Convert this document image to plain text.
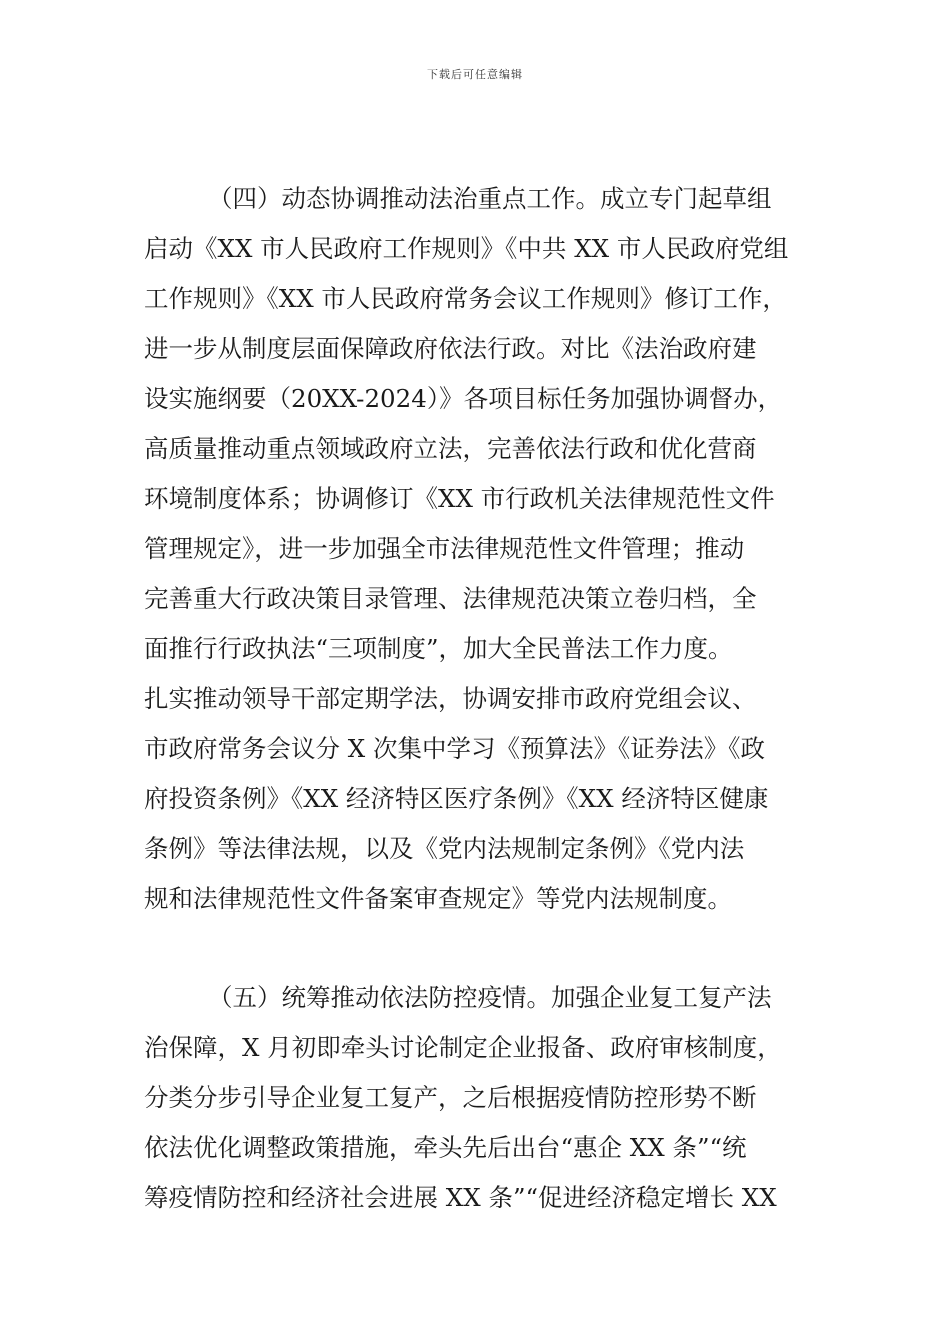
下载后可任意编辑
（四）动态协调推动法治重点工作。成立专门起草组
启动《XX 市人民政府工作规则》《中共 XX 市人民政府党组
工作规则》《XX 市人民政府常务会议工作规则》修订工作，
进一步从制度层面保障政府依法行政。对比《法治政府建
设实施纲要（20XX-2024）》各项目标任务加强协调督办，
高质量推动重点领域政府立法，完善依法行政和优化营商
环境制度体系；协调修订《XX 市行政机关法律规范性文件
管理规定》，进一步加强全市法律规范性文件管理；推动
完善重大行政决策目录管理、法律规范决策立卷归档，全
面推行行政执法“三项制度”，加大全民普法工作力度。
扎实推动领导干部定期学法，协调安排市政府党组会议、
市政府常务会议分 X 次集中学习《预算法》《证券法》《政
府投资条例》《XX 经济特区医疗条例》《XX 经济特区健康
条例》等法律法规，以及《党内法规制定条例》《党内法
规和法律规范性文件备案审查规定》等党内法规制度。
（五）统筹推动依法防控疫情。加强企业复工复产法
治保障，X 月初即牵头讨论制定企业报备、政府审核制度，
分类分步引导企业复工复产，之后根据疫情防控形势不断
依法优化调整政策措施，牵头先后出台“惠企 XX 条”“统
筹疫情防控和经济社会进展 XX 条”“促进经济稳定增长 XX
